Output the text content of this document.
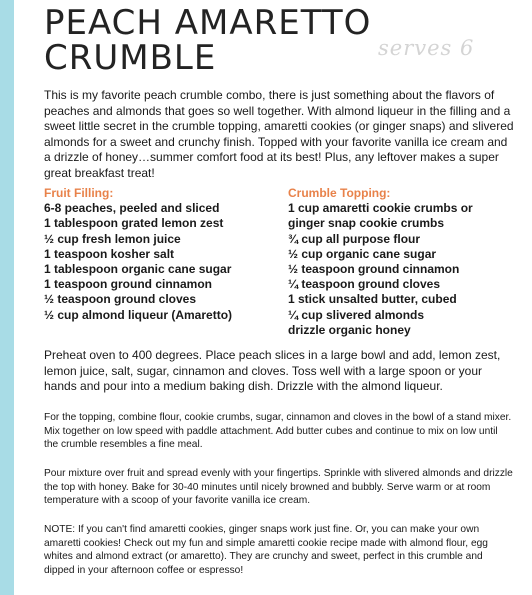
PEACH AMARETTO
CRUMBLE	serves 6

This is my favorite peach crumble combo, there is just something about the flavors of peaches and almonds that goes so well together. With almond liqueur in the filling and a sweet little secret in the crumble topping, amaretti cookies (or ginger snaps) and slivered almonds for a sweet and crunchy finish. Topped with your favorite vanilla ice cream and a drizzle of honey…summer comfort food at its best! Plus, any leftover makes a super great breakfast treat!

Fruit Filling:
6-8 peaches, peeled and sliced
1 tablespoon grated lemon zest
½ cup fresh lemon juice
1 teaspoon kosher salt
1 tablespoon organic cane sugar
1 teaspoon ground cinnamon
½ teaspoon ground cloves
½ cup almond liqueur (Amaretto)
Crumble Topping:
1 cup amaretti cookie crumbs or ginger snap cookie crumbs
¾ cup all purpose flour
½ cup organic cane sugar
½ teaspoon ground cinnamon
¼ teaspoon ground cloves
1 stick unsalted butter, cubed
¼ cup slivered almonds
drizzle organic honey

Preheat oven to 400 degrees. Place peach slices in a large bowl and add, lemon zest, lemon juice, salt, sugar, cinnamon and cloves. Toss well with a large spoon or your hands and pour into a medium baking dish. Drizzle with the almond liqueur.

For the topping, combine flour, cookie crumbs, sugar, cinnamon and cloves in the bowl of a stand mixer. Mix together on low speed with paddle attachment. Add butter cubes and continue to mix on low until the crumble resembles a fine meal.

Pour mixture over fruit and spread evenly with your fingertips. Sprinkle with slivered almonds and drizzle the top with honey. Bake for 30-40 minutes until nicely browned and bubbly. Serve warm or at room temperature with a scoop of your favorite vanilla ice cream.

NOTE: If you can't find amaretti cookies, ginger snaps work just fine. Or, you can make your own amaretti cookies! Check out my fun and simple amaretti cookie recipe made with almond flour, egg whites and almond extract (or amaretto). They are crunchy and sweet, perfect in this crumble and dipped in your afternoon coffee or espresso!
